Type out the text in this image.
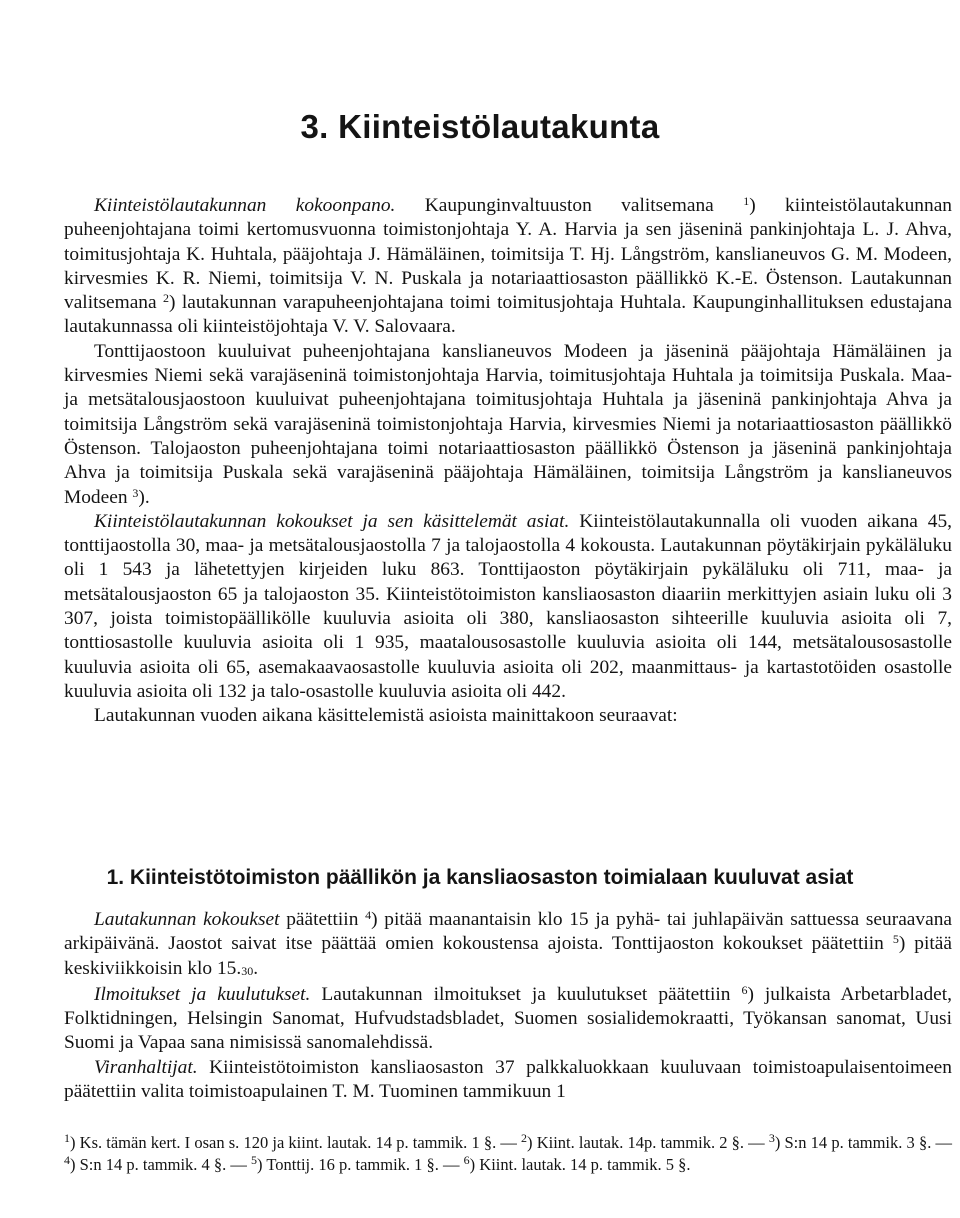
3. Kiinteistölautakunta

Kiinteistölautakunnan kokoonpano. Kaupunginvaltuuston valitsemana $^1$) kiinteistölautakunnan puheenjohtajana toimi kertomusvuonna toimistonjohtaja Y. A. Harvia ja sen jäseninä pankinjohtaja L. J. Ahva, toimitusjohtaja K. Huhtala, pääjohtaja J. Hämäläinen, toimitsija T. Hj. Långström, kanslianeuvos G. M. Modeen, kirvesmies K. R. Niemi, toimitsija V. N. Puskala ja notariaattiosaston päällikkö K.-E. Östenson. Lautakunnan valitsemana $^2$) lautakunnan varapuheenjohtajana toimi toimitusjohtaja Huhtala. Kaupunginhallituksen edustajana lautakunnassa oli kiinteistöjohtaja V. V. Salovaara.

Tonttijaostoon kuuluivat puheenjohtajana kanslianeuvos Modeen ja jäseninä pääjohtaja Hämäläinen ja kirvesmies Niemi sekä varajäseninä toimistonjohtaja Harvia, toimitusjohtaja Huhtala ja toimitsija Puskala. Maa- ja metsätalousjaostoon kuuluivat puheenjohtajana toimitusjohtaja Huhtala ja jäseninä pankinjohtaja Ahva ja toimitsija Långström sekä varajäseninä toimistonjohtaja Harvia, kirvesmies Niemi ja notariaattiosaston päällikkö Östenson. Talojaoston puheenjohtajana toimi notariaattiosaston päällikkö Östenson ja jäseninä pankinjohtaja Ahva ja toimitsija Puskala sekä varajäseninä pääjohtaja Hämäläinen, toimitsija Långström ja kanslianeuvos Modeen $^3$).

Kiinteistölautakunnan kokoukset ja sen käsittelemät asiat. Kiinteistölautakunnalla oli vuoden aikana 45, tonttijaostolla 30, maa- ja metsätalousjaostolla 7 ja talojaostolla 4 kokousta. Lautakunnan pöytäkirjain pykäläluku oli 1 543 ja lähetettyjen kirjeiden luku 863. Tonttijaoston pöytäkirjain pykäläluku oli 711, maa- ja metsätalousjaoston 65 ja talojaoston 35. Kiinteistötoimiston kansliaosaston diaariin merkittyjen asiain luku oli 3 307, joista toimistopäällikölle kuuluvia asioita oli 380, kansliaosaston sihteerille kuuluvia asioita oli 7, tonttiosastolle kuuluvia asioita oli 1 935, maatalousosastolle kuuluvia asioita oli 144, metsätalousosastolle kuuluvia asioita oli 65, asemakaavaosastolle kuuluvia asioita oli 202, maanmittaus- ja kartastotöiden osastolle kuuluvia asioita oli 132 ja talo-osastolle kuuluvia asioita oli 442.

Lautakunnan vuoden aikana käsittelemistä asioista mainittakoon seuraavat:

1. Kiinteistötoimiston päällikön ja kansliaosaston toimialaan kuuluvat asiat

Lautakunnan kokoukset päätettiin $^4$) pitää maanantaisin klo 15 ja pyhä- tai juhlapäivän sattuessa seuraavana arkipäivänä. Jaostot saivat itse päättää omien kokoustensa ajoista. Tonttijaoston kokoukset päätettiin $^5$) pitää keskiviikkoisin klo 15.30.

Ilmoitukset ja kuulutukset. Lautakunnan ilmoitukset ja kuulutukset päätettiin $^6$) julkaista Arbetarbladet, Folktidningen, Helsingin Sanomat, Hufvudstadsbladet, Suomen sosialidemokraatti, Työkansan sanomat, Uusi Suomi ja Vapaa sana nimisissä sanomalehdissä.

Viranhaltijat. Kiinteistötoimiston kansliaosaston 37 palkkaluokkaan kuuluvaan toimistoapulaisentoimeen päätettiin valita toimistoapulainen T. M. Tuominen tammikuun 1

$^1$) Ks. tämän kert. I osan s. 120 ja kiint. lautak. 14 p. tammik. 1 §. — $^2$) Kiint. lautak. 14p. tammik. 2 §. — $^3$) S:n 14 p. tammik. 3 §. — $^4$) S:n 14 p. tammik. 4 §. — $^5$) Tonttij. 16 p. tammik. 1 §. — $^6$) Kiint. lautak. 14 p. tammik. 5 §.
